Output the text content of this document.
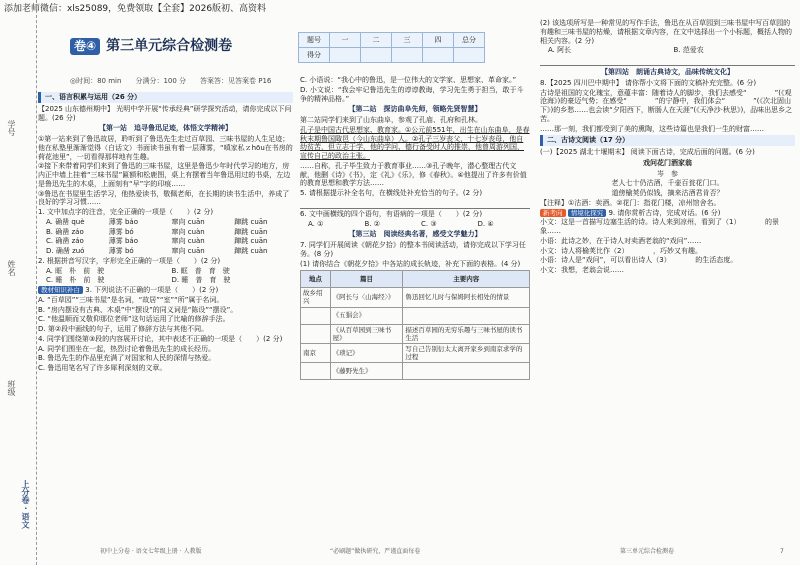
添加老师微信：xls25089，免费领取【全套】2026版初、高资料
学号
姓名
班级
上分卷 · 语文
卷④ 第三单元综合检测卷
◎时间：80 min　　分满分：100 分　　答案答：见答案卷 P16
题号	一	二	三	四	总分
得分					
一、语言积累与运用（26 分）
【2025 山东德州期中】 光明中学开展“传承经典”研学探究活动，请你完成以下问题。(26 分)
【第一站　追寻鲁迅足迹，体悟文学精神】
①第一站来到了鲁迅故居，聆听到了鲁迅先生走过百草园、三味书屋的人生足迹；他在私塾里渐渐觉得（白话文）书面读书虽有着一层薄雾，“嗔家私ｚhōu在书房的荷花池里”，一切看得那样地有生趣。
②接下来带着同学们来到了鲁迅的三味书屋，这里是鲁迅少年时代学习的地方，房内正中墙上挂着“三味书屋”匾额和松鹿图，桌上有摆着当年鲁迅用过的书桌，左边是鲁迅先生的木桌，上面刻有“早”字的印痕……
③鲁迅在书屋里生活学习，他热爱读书，敬佩老师，在长期的读书生活中，养成了良好的学习习惯……
1. 文中加点字的注音，完全正确的一项是（　　）(2 分)
A. 确凿 què	薄雾 báo	窜向 cuān	蹿跳 cuān
B. 确凿 záo	薄雾 bó	窜向 cuàn	蹿跳 cuān
C. 确凿 záo	薄雾 báo	窜向 cuàn	蹿跳 cuān
D. 确凿 zuó	薄雾 bó	窜向 cuān	蹿跳 cuàn
2. 根据拼音写汉字，字形完全正确的一项是（　　）(2 分)
A. 眶　朴　前　驶	B. 眶　普　育　驶
C. 睡　朴　前　驶	D. 睡　普　育　驶
教材知识补白 3. 下列说法不正确的一项是（　　）(2 分)
A. “百草园”“三味书屋”是名词，“故居”“室”“所”属于名词。
B. “房内摆设有古典、木桌”中“摆设”的同义词是“陈设”“摆设”。
C. “他温顺而又敬仰那位老师”这句话运用了比喻的修辞手法。
D. 第②段中画线的句子，运用了修辞方法与其他不同。
4. 同学们围绕第③段的内容展开讨论，其中表述不正确的一项是（　　）(2 分)
A. 同学们围坐在一起，热烈讨论着鲁迅先生的成长经历。
B. 鲁迅先生的作品里充满了对国家和人民的深情与热爱。
C. 鲁迅用笔名写了许多犀利深刻的文章。
C. 小语说：“我心中的鲁迅，是一位伟大的文学家、思想家、革命家。”
D. 小文说：“我会牢记鲁迅先生的谆谆教诲，学习先生勇于担当，敢于斗争的精神品格。”
【第二站　探访曲阜先师，领略先贤智慧】
第二站同学们来到了山东曲阜，参观了孔庙、孔府和孔林。
孔子是中国古代思想家、教育家。①公元前551年，出生在山东曲阜，是春秋末期鲁国陬邑（今山东曲阜）人。②孔子三岁丧父，十七岁丧母，他自幼贫苦，但立志于学，他的学问、德行备受时人的推崇，他曾周游列国，宣传自己的政治主张。
……自称，孔子毕生致力于教育事业……③孔子晚年，潜心整理古代文献，他删《诗》《书》，定《礼》《乐》，修《春秋》。④他提出了许多有价值的教育思想和教学方法……
5. 请根据提示补全名句，在横线处补充恰当的句子。(2 分)
6. 文中画横线的四个语句，有语病的一项是（　　）(2 分)
A. ①	B. ②	C. ③	D. ④
【第三站　阅读经典名著，感受文学魅力】
7. 同学们开展阅读《朝花夕拾》的整本书阅读活动，请你完成以下学习任务。(8 分)
(1) 请你结合《朝花夕拾》中各站的成长轨迹，补充下面的表格。(4 分)
地点	篇目	主要内容
故乡绍兴	《阿长与〈山海经〉》	鲁迅回忆儿时与保姆阿长相处的情景
	《五猖会》	
	《从百草园到三味书屋》	描述百草园的无穷乐趣与三味书屋的读书生活
南京	《琐记》	写自己告别衍太太离开家乡到南京求学的过程
	《藤野先生》	
(2) 该选项所写是一种常见的写作手法，鲁迅在从百草园到三味书屋中写百草园的有趣和三味书屋的枯燥，请根据文章内容，在文中选择出一个小标题，概括人物的相关内容。(2 分)
A. 阿长	B. 范爱农
【第四站　朗诵古典诗文，品味传统文化】
8.【2025 四川巴中期中】 请你帮小文将下面的文稿补充完整。(6 分)
古诗是祖国的文化瑰宝，意蕴丰富：随着诗人的脚步，我们去感受“　　　　”(《观沧海》)的豪迈气势；在感受“　　　　”的宁静中，我们体会“　　　　”(《次北固山下》)的乡愁……也会读“夕阳西下，断肠人在天涯”(《天净沙·秋思》)，品味出思乡之苦。
……那一刻，我们都受到了美的熏陶，这些诗篇也是我们一生的财富……
二、古诗文阅读（17 分）
(一)【2025 湖北十堰期末】 阅读下面古诗，完成后面的问题。(6 分)
戏问花门酒家翁
岑　参
老人七十仍沽酒，千壶百瓮花门口。
道傍榆荚仍似钱，摘来沽酒君肯否？
【注释】①沽酒：卖酒。②花门：指花门楼，凉州馆舍名。
新考向 情境化探究 9. 请你赏析古诗，完成对话。(6 分)
小文：这是一首描写边塞生活的诗。诗人来到凉州，看到了（1）　　　　的景象……
小语：此诗之妙，在于诗人对卖酒老翁的“戏问”……
小文：诗人将榆荚比作（2）　　　　，巧妙又有趣。
小语：诗人是“戏问”，可以看出诗人（3）　　　　的生活态度。
小文：我想，老翁会说……
初中上分卷 · 语文七年级上册 · 人教版	“必刷题”做执研究，严谨直面每卷	第三单元综合检测卷	7
